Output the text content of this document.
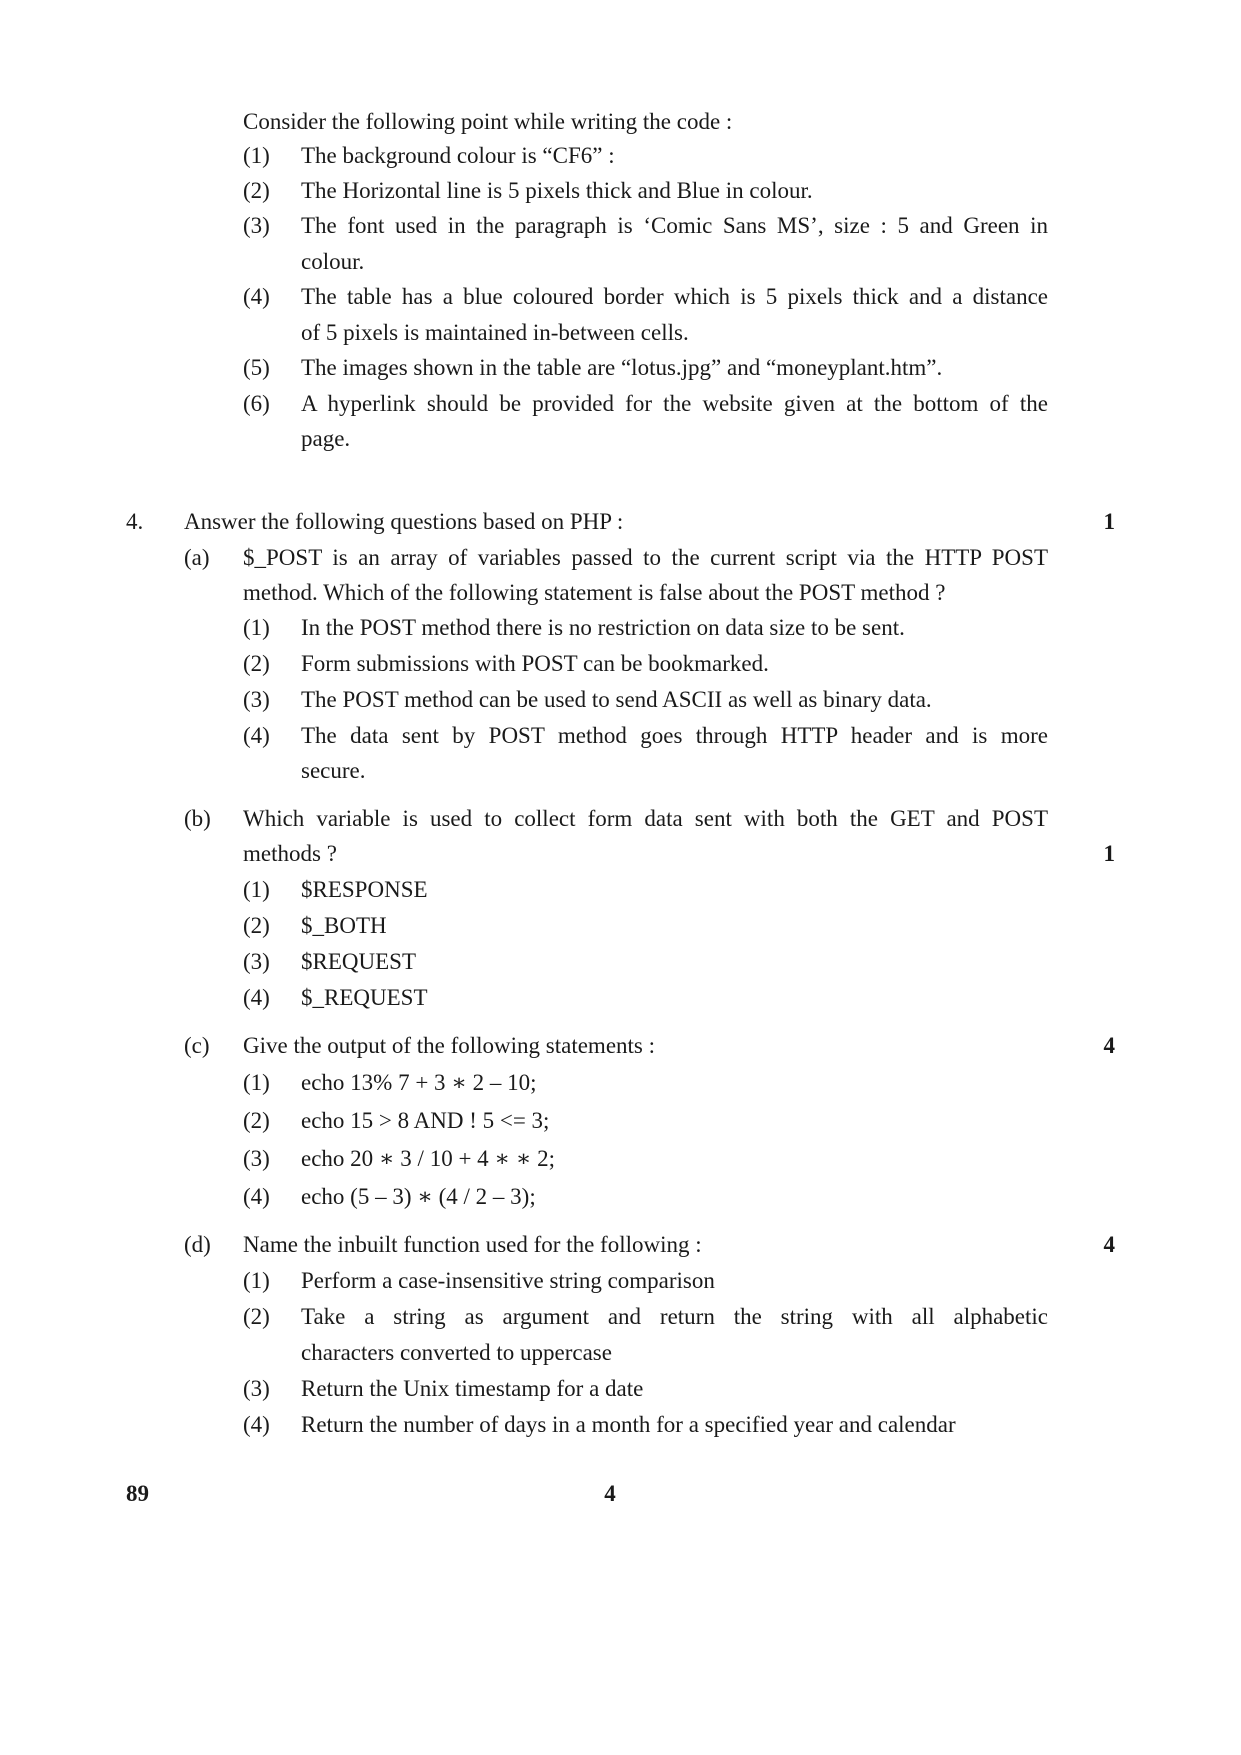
Consider the following point while writing the code :
(1) The background colour is “CF6” :
(2) The Horizontal line is 5 pixels thick and Blue in colour.
(3) The font used in the paragraph is ‘Comic Sans MS’, size : 5 and Green in
colour.
(4) The table has a blue coloured border which is 5 pixels thick and a distance
of 5 pixels is maintained in-between cells.
(5) The images shown in the table are “lotus.jpg” and “moneyplant.htm”.
(6) A hyperlink should be provided for the website given at the bottom of the
page.
4. Answer the following questions based on PHP :	1
(a) $_POST is an array of variables passed to the current script via the HTTP POST
method. Which of the following statement is false about the POST method ?
(1) In the POST method there is no restriction on data size to be sent.
(2) Form submissions with POST can be bookmarked.
(3) The POST method can be used to send ASCII as well as binary data.
(4) The data sent by POST method goes through HTTP header and is more
secure.
(b) Which variable is used to collect form data sent with both the GET and POST
methods ?	1
(1) $RESPONSE
(2) $_BOTH
(3) $REQUEST
(4) $_REQUEST
(c) Give the output of the following statements :	4
(1) echo 13% 7 + 3 ∗ 2 – 10;
(2) echo 15 > 8 AND ! 5 <= 3;
(3) echo 20 ∗ 3 / 10 + 4 ∗ ∗ 2;
(4) echo (5 – 3) ∗ (4 / 2 – 3);
(d) Name the inbuilt function used for the following :	4
(1) Perform a case-insensitive string comparison
(2) Take a string as argument and return the string with all alphabetic
characters converted to uppercase
(3) Return the Unix timestamp for a date
(4) Return the number of days in a month for a specified year and calendar
89	4
